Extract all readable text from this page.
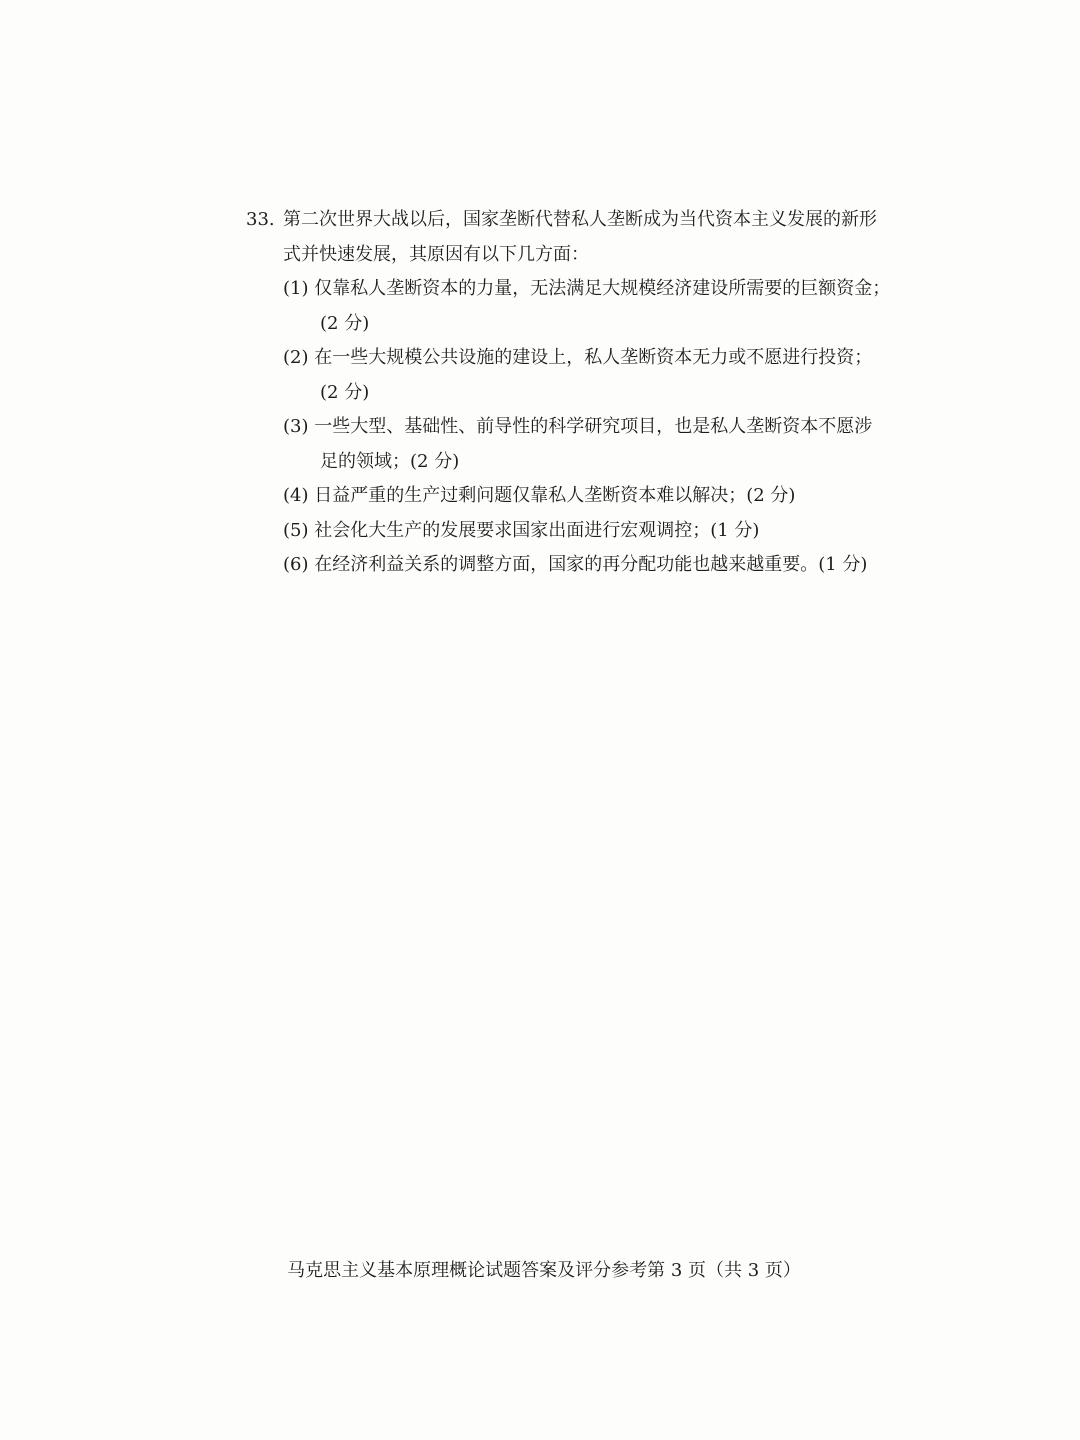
33. 第二次世界大战以后，国家垄断代替私人垄断成为当代资本主义发展的新形
式并快速发展，其原因有以下几方面：
(1) 仅靠私人垄断资本的力量，无法满足大规模经济建设所需要的巨额资金；
(2 分)
(2) 在一些大规模公共设施的建设上，私人垄断资本无力或不愿进行投资；
(2 分)
(3) 一些大型、基础性、前导性的科学研究项目，也是私人垄断资本不愿涉
足的领域；(2 分)
(4) 日益严重的生产过剩问题仅靠私人垄断资本难以解决；(2 分)
(5) 社会化大生产的发展要求国家出面进行宏观调控；(1 分)
(6) 在经济利益关系的调整方面，国家的再分配功能也越来越重要。(1 分)
马克思主义基本原理概论试题答案及评分参考第 3 页（共 3 页）
